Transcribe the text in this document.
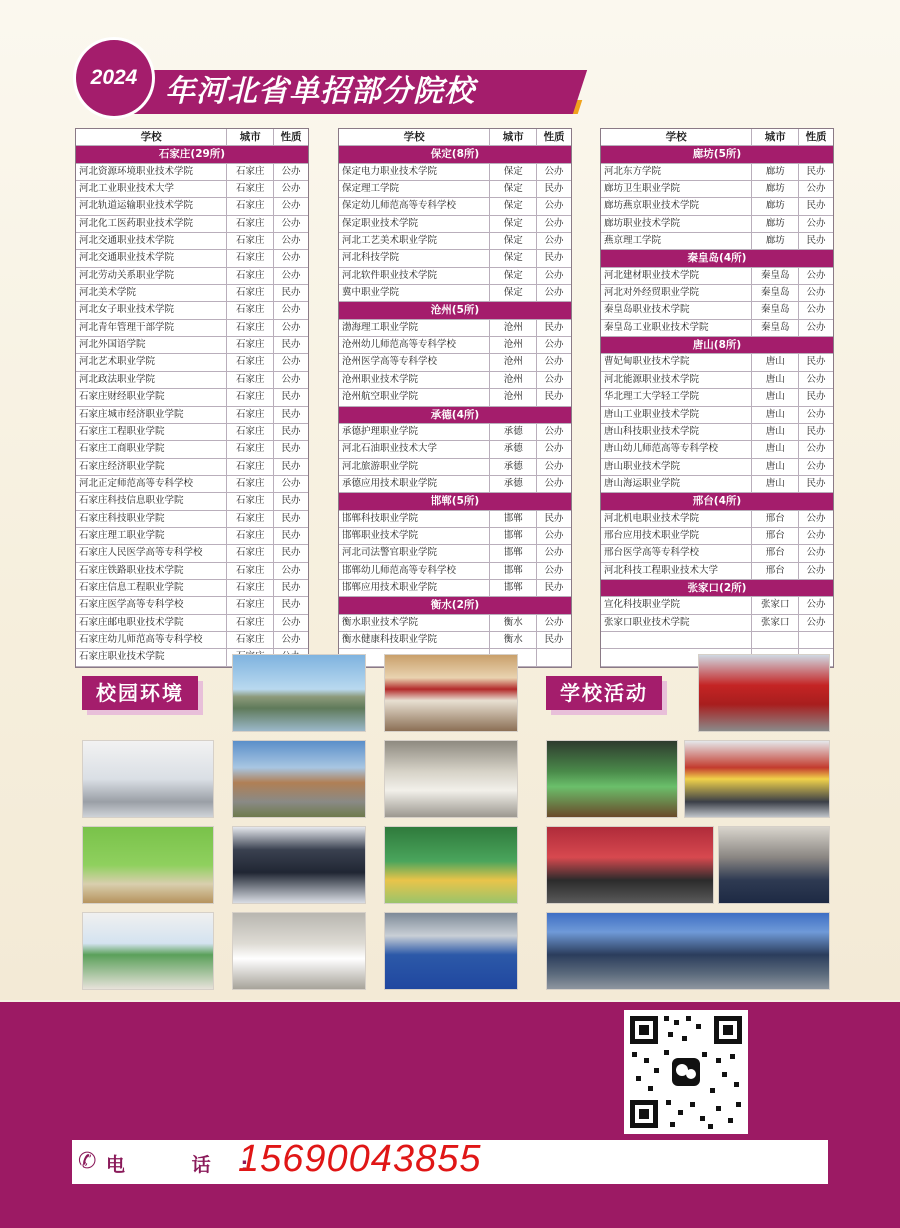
2024 年河北省单招部分院校
学校	城市	性质
石家庄(29所)
河北资源环境职业技术学院	石家庄	公办
河北工业职业技术大学	石家庄	公办
河北轨道运输职业技术学院	石家庄	公办
河北化工医药职业技术学院	石家庄	公办
河北交通职业技术学院	石家庄	公办
河北交通职业技术学院	石家庄	公办
河北劳动关系职业学院	石家庄	公办
河北美术学院	石家庄	民办
河北女子职业技术学院	石家庄	公办
河北青年管理干部学院	石家庄	公办
河北外国语学院	石家庄	民办
河北艺术职业学院	石家庄	公办
河北政法职业学院	石家庄	公办
石家庄财经职业学院	石家庄	民办
石家庄城市经济职业学院	石家庄	民办
石家庄工程职业学院	石家庄	民办
石家庄工商职业学院	石家庄	民办
石家庄经济职业学院	石家庄	民办
河北正定师范高等专科学校	石家庄	公办
石家庄科技信息职业学院	石家庄	民办
石家庄科技职业学院	石家庄	民办
石家庄理工职业学院	石家庄	民办
石家庄人民医学高等专科学校	石家庄	民办
石家庄铁路职业技术学院	石家庄	公办
石家庄信息工程职业学院	石家庄	民办
石家庄医学高等专科学校	石家庄	民办
石家庄邮电职业技术学院	石家庄	公办
石家庄幼儿师范高等专科学校	石家庄	公办
石家庄职业技术学院
学校	城市	性质
保定(8所)
保定电力职业技术学院	保定	公办
保定理工学院	保定	民办
保定幼儿师范高等专科学校	保定	公办
保定职业技术学院	保定	公办
河北工艺美术职业学院	保定	公办
河北科技学院	保定	民办
河北软件职业技术学院	保定	公办
冀中职业学院	保定	公办
沧州(5所)
渤海理工职业学院	沧州	民办
沧州幼儿师范高等专科学校	沧州	公办
沧州医学高等专科学校	沧州	公办
沧州职业技术学院	沧州	公办
沧州航空职业学院	沧州	民办
承德(4所)
承德护理职业学院	承德	公办
河北石油职业技术大学	承德	公办
河北旅游职业学院	承德	公办
承德应用技术职业学院	承德	公办
邯郸(5所)
邯郸科技职业学院	邯郸	民办
邯郸职业技术学院	邯郸	公办
河北司法警官职业学院	邯郸	公办
邯郸幼儿师范高等专科学校	邯郸	公办
邯郸应用技术职业学院	邯郸	民办
衡水(2所)
衡水职业技术学院	衡水	公办
衡水健康科技职业学院	衡水	民办
学校	城市	性质
廊坊(5所)
河北东方学院	廊坊	民办
廊坊卫生职业学院	廊坊	公办
廊坊燕京职业技术学院	廊坊	民办
廊坊职业技术学院	廊坊	公办
燕京理工学院	廊坊	民办
秦皇岛(4所)
河北建材职业技术学院	秦皇岛	公办
河北对外经贸职业学院	秦皇岛	公办
秦皇岛职业技术学院	秦皇岛	公办
秦皇岛工业职业技术学院	秦皇岛	公办
唐山(8所)
曹妃甸职业技术学院	唐山	民办
河北能源职业技术学院	唐山	公办
华北理工大学轻工学院	唐山	民办
唐山工业职业技术学院	唐山	公办
唐山科技职业技术学院	唐山	民办
唐山幼儿师范高等专科学校	唐山	公办
唐山职业技术学院	唐山	公办
唐山海运职业学院	唐山	民办
邢台(4所)
河北机电职业技术学院	邢台	公办
邢台应用技术职业学院	邢台	公办
邢台医学高等专科学校	邢台	公办
河北科技工程职业技术大学	邢台	公办
张家口(2所)
宣化科技职业学院	张家口	公办
张家口职业技术学院	张家口	公办
校园环境	学校活动
✆ 电 话:
15690043855
